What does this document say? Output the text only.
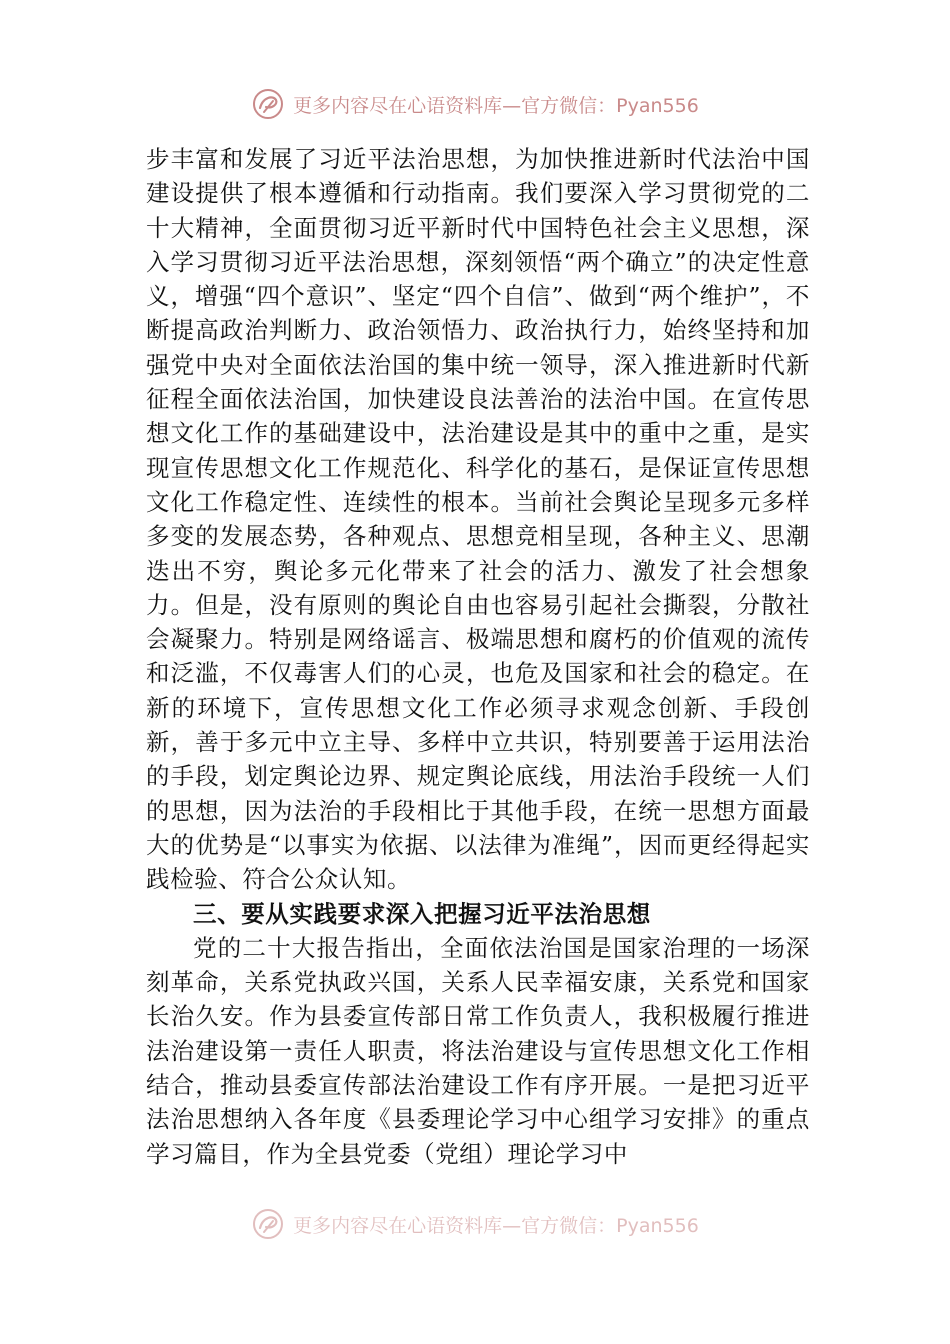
更多内容尽在心语资料库—官方微信：Pyan556

步丰富和发展了习近平法治思想，为加快推进新时代法治中国建设提供了根本遵循和行动指南。我们要深入学习贯彻党的二十大精神，全面贯彻习近平新时代中国特色社会主义思想，深入学习贯彻习近平法治思想，深刻领悟“两个确立”的决定性意义，增强“四个意识”、坚定“四个自信”、做到“两个维护”，不断提高政治判断力、政治领悟力、政治执行力，始终坚持和加强党中央对全面依法治国的集中统一领导，深入推进新时代新征程全面依法治国，加快建设良法善治的法治中国。在宣传思想文化工作的基础建设中，法治建设是其中的重中之重，是实现宣传思想文化工作规范化、科学化的基石，是保证宣传思想文化工作稳定性、连续性的根本。当前社会舆论呈现多元多样多变的发展态势，各种观点、思想竞相呈现，各种主义、思潮迭出不穷，舆论多元化带来了社会的活力、激发了社会想象力。但是，没有原则的舆论自由也容易引起社会撕裂，分散社会凝聚力。特别是网络谣言、极端思想和腐朽的价值观的流传和泛滥，不仅毒害人们的心灵，也危及国家和社会的稳定。在新的环境下，宣传思想文化工作必须寻求观念创新、手段创新，善于多元中立主导、多样中立共识，特别要善于运用法治的手段，划定舆论边界、规定舆论底线，用法治手段统一人们的思想，因为法治的手段相比于其他手段，在统一思想方面最大的优势是“以事实为依据、以法律为准绳”，因而更经得起实践检验、符合公众认知。

三、要从实践要求深入把握习近平法治思想

党的二十大报告指出，全面依法治国是国家治理的一场深刻革命，关系党执政兴国，关系人民幸福安康，关系党和国家长治久安。作为县委宣传部日常工作负责人，我积极履行推进法治建设第一责任人职责，将法治建设与宣传思想文化工作相结合，推动县委宣传部法治建设工作有序开展。一是把习近平法治思想纳入各年度《县委理论学习中心组学习安排》的重点学习篇目，作为全县党委（党组）理论学习中

更多内容尽在心语资料库—官方微信：Pyan556
